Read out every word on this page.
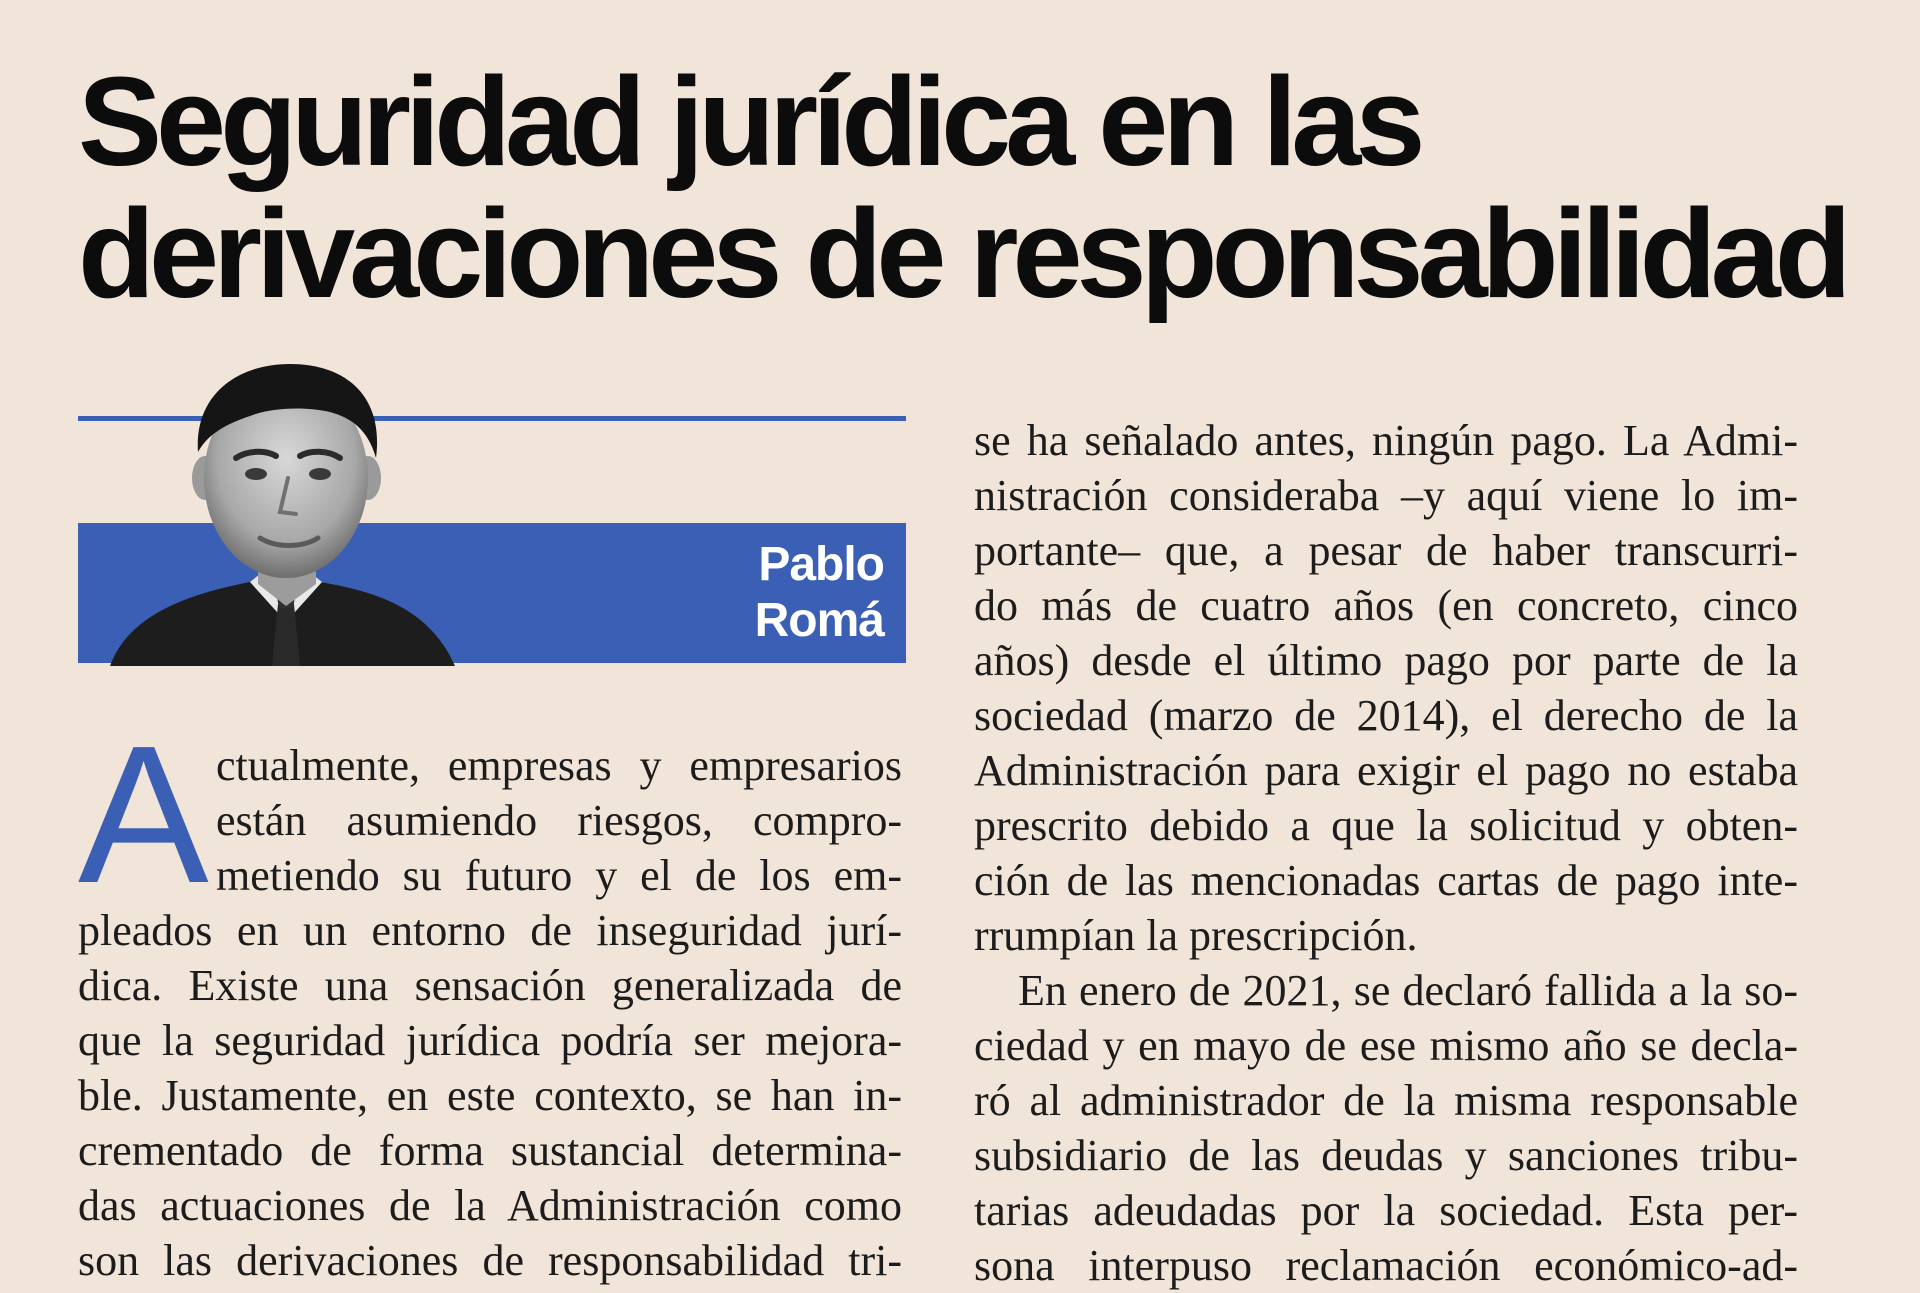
Seguridad jurídica en las
derivaciones de responsabilidad
Pablo
Romá
A ctualmente, empresas y empresarios
están asumiendo riesgos, compro-
metiendo su futuro y el de los em-
pleados en un entorno de inseguridad jurí-
dica. Existe una sensación generalizada de
que la seguridad jurídica podría ser mejora-
ble. Justamente, en este contexto, se han in-
crementado de forma sustancial determina-
das actuaciones de la Administración como
son las derivaciones de responsabilidad tri-
se ha señalado antes, ningún pago. La Admi-
nistración consideraba –y aquí viene lo im-
portante– que, a pesar de haber transcurri-
do más de cuatro años (en concreto, cinco
años) desde el último pago por parte de la
sociedad (marzo de 2014), el derecho de la
Administración para exigir el pago no estaba
prescrito debido a que la solicitud y obten-
ción de las mencionadas cartas de pago inte-
rrumpían la prescripción.
En enero de 2021, se declaró fallida a la so-
ciedad y en mayo de ese mismo año se decla-
ró al administrador de la misma responsable
subsidiario de las deudas y sanciones tribu-
tarias adeudadas por la sociedad. Esta per-
sona interpuso reclamación económico-ad-
